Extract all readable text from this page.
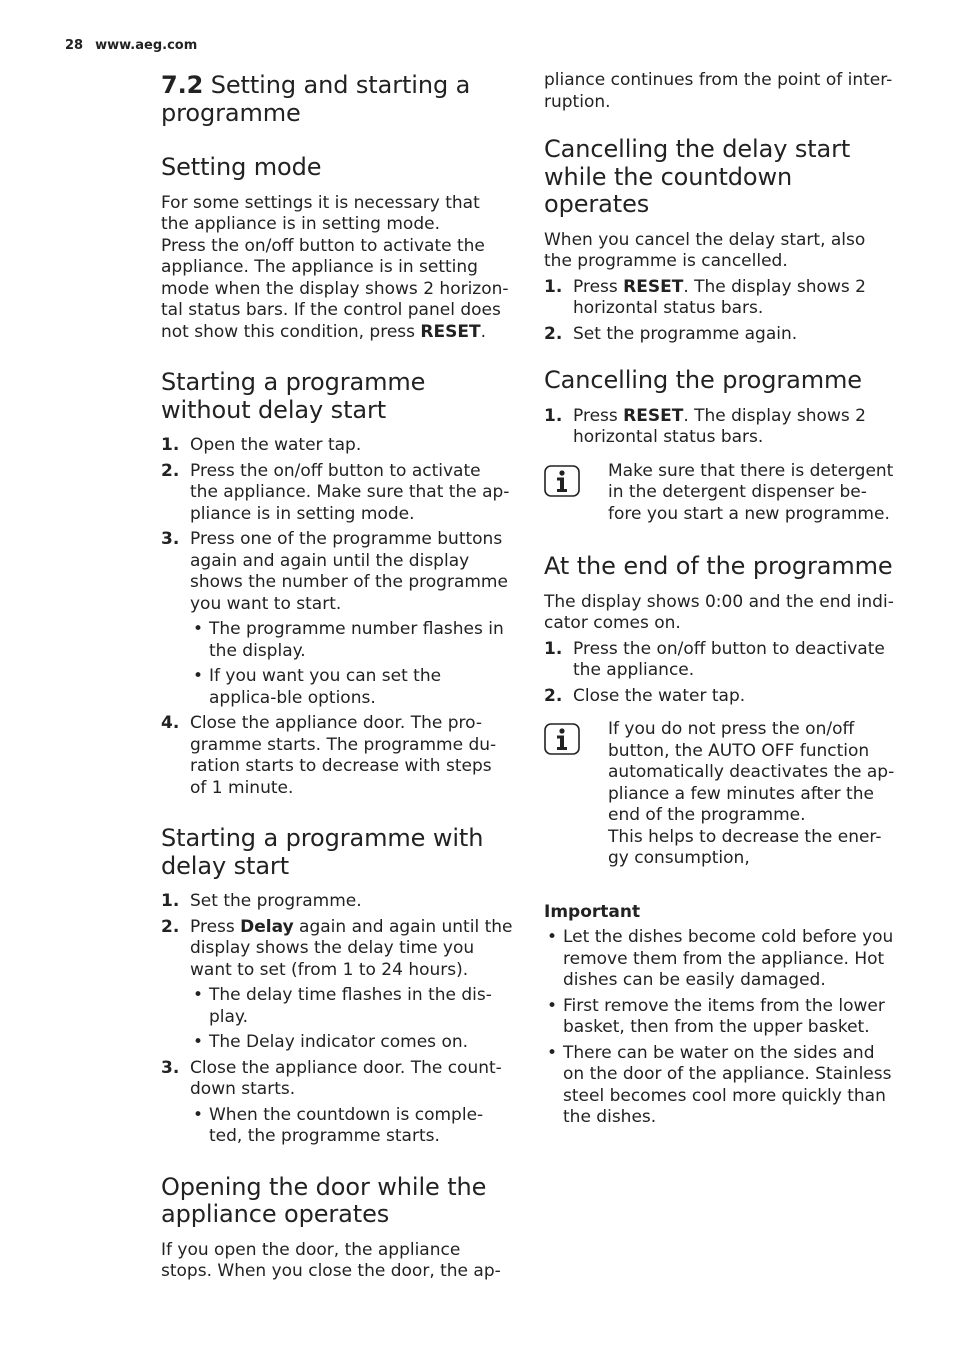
28 www.aeg.com
7.2 Setting and starting a programme
Setting mode

For some settings it is necessary that the appliance is in setting mode.

Press the on/off button to activate the appliance. The appliance is in setting mode when the display shows 2 horizon-tal status bars. If the control panel does not show this condition, press RESET.

Starting a programme without delay start
1. Open the water tap.
2. Press the on/off button to activate the appliance. Make sure that the ap-pliance is in setting mode.
3. Press one of the programme buttons again and again until the display shows the number of the programme you want to start.
• The programme number flashes in the display.
• If you want you can set the applica-ble options.
4. Close the appliance door. The pro-gramme starts. The programme du-ration starts to decrease with steps of 1 minute.
Starting a programme with delay start
1. Set the programme.
2. Press Delay again and again until the display shows the delay time you want to set (from 1 to 24 hours).
• The delay time flashes in the dis-play.
• The Delay indicator comes on.
3. Close the appliance door. The count-down starts.
• When the countdown is comple-ted, the programme starts.
Opening the door while the appliance operates

If you open the door, the appliance stops. When you close the door, the ap-

pliance continues from the point of inter-ruption.

Cancelling the delay start while the countdown operates

When you cancel the delay start, also the programme is cancelled.

1. Press RESET. The display shows 2 horizontal status bars.
2. Set the programme again.
Cancelling the programme
1. Press RESET. The display shows 2 horizontal status bars.
Make sure that there is detergent in the detergent dispenser be-fore you start a new programme.
At the end of the programme

The display shows 0:00 and the end indi-cator comes on.

1. Press the on/off button to deactivate the appliance.
2. Close the water tap.
If you do not press the on/off button, the AUTO OFF function automatically deactivates the ap-pliance a few minutes after the end of the programme.
This helps to decrease the ener-gy consumption,
Important
• Let the dishes become cold before you remove them from the appliance. Hot dishes can be easily damaged.
• First remove the items from the lower basket, then from the upper basket.
• There can be water on the sides and on the door of the appliance. Stainless steel becomes cool more quickly than the dishes.
